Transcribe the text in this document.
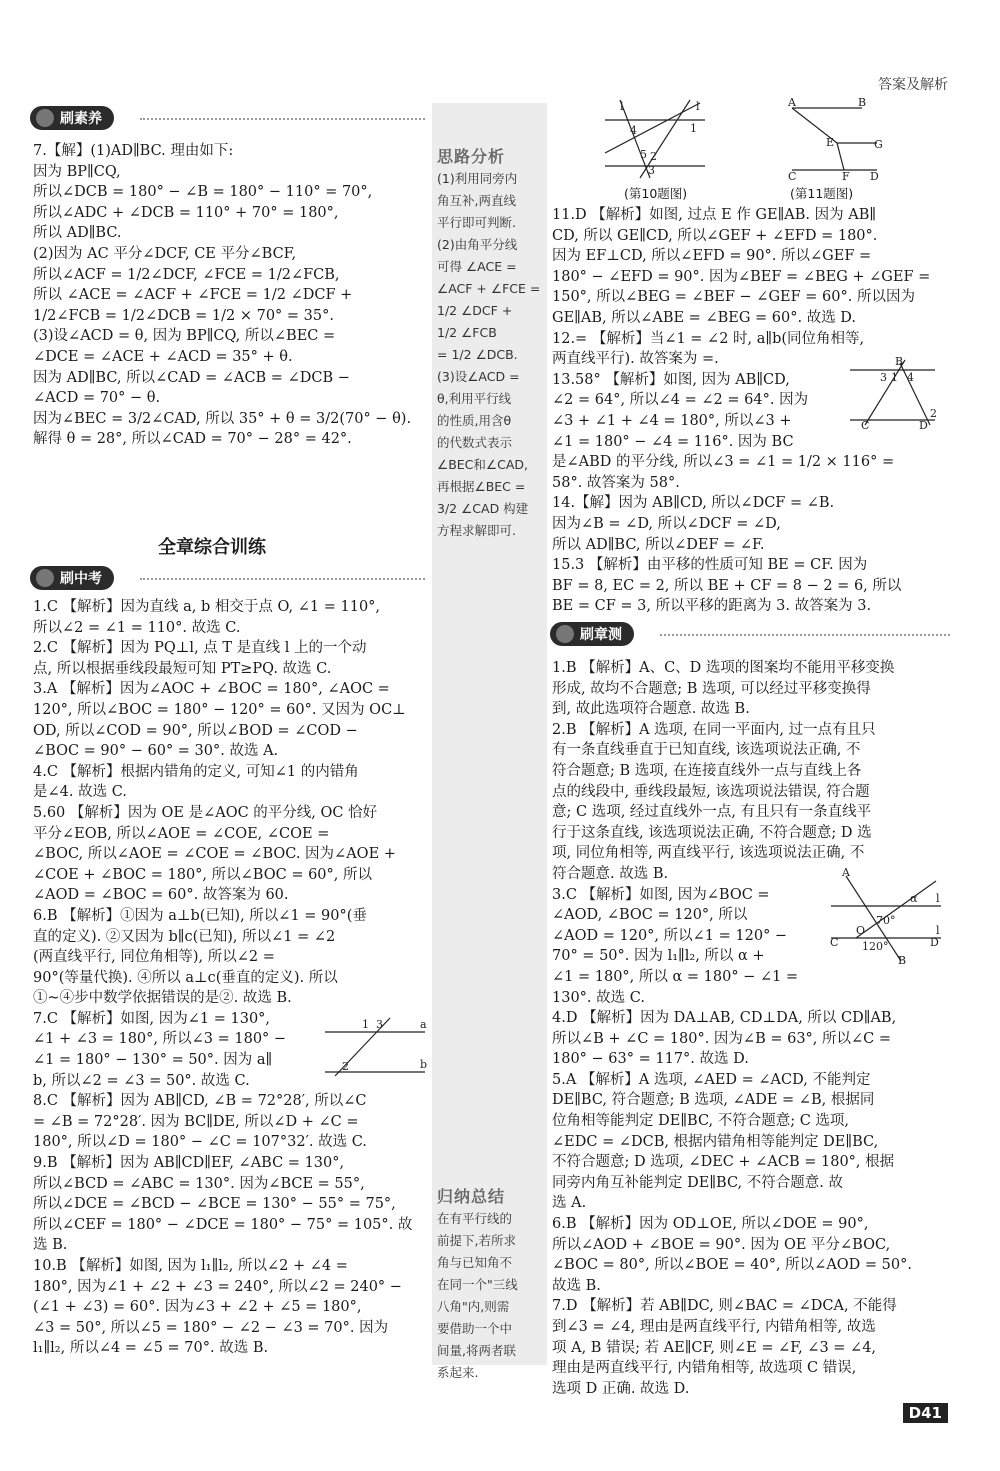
答案及解析
刷素养

7.【解】(1)AD∥BC. 理由如下:

因为 BP∥CQ,

所以∠DCB = 180° − ∠B = 180° − 110° = 70°,

所以∠ADC + ∠DCB = 110° + 70° = 180°,

所以 AD∥BC.

(2)因为 AC 平分∠DCF, CE 平分∠BCF,

所以∠ACF = 1/2∠DCF, ∠FCE = 1/2∠FCB,

所以 ∠ACE = ∠ACF + ∠FCE = 1/2 ∠DCF +

1/2∠FCB = 1/2∠DCB = 1/2 × 70° = 35°.

(3)设∠ACD = θ, 因为 BP∥CQ, 所以∠BEC =

∠DCE = ∠ACE + ∠ACD = 35° + θ.

因为 AD∥BC, 所以∠CAD = ∠ACB = ∠DCB −

∠ACD = 70° − θ.

因为∠BEC = 3/2∠CAD, 所以 35° + θ = 3/2(70° − θ).

解得 θ = 28°, 所以∠CAD = 70° − 28° = 42°.

全章综合训练
刷中考

1.C 【解析】因为直线 a, b 相交于点 O, ∠1 = 110°,

所以∠2 = ∠1 = 110°. 故选 C.

2.C 【解析】因为 PQ⊥l, 点 T 是直线 l 上的一个动

点, 所以根据垂线段最短可知 PT≥PQ. 故选 C.

3.A 【解析】因为∠AOC + ∠BOC = 180°, ∠AOC =

120°, 所以∠BOC = 180° − 120° = 60°. 又因为 OC⊥

OD, 所以∠COD = 90°, 所以∠BOD = ∠COD −

∠BOC = 90° − 60° = 30°. 故选 A.

4.C 【解析】根据内错角的定义, 可知∠1 的内错角

是∠4. 故选 C.

5.60 【解析】因为 OE 是∠AOC 的平分线, OC 恰好

平分∠EOB, 所以∠AOE = ∠COE, ∠COE =

∠BOC, 所以∠AOE = ∠COE = ∠BOC. 因为∠AOE +

∠COE + ∠BOC = 180°, 所以∠BOC = 60°, 所以

∠AOD = ∠BOC = 60°. 故答案为 60.

6.B 【解析】①因为 a⊥b(已知), 所以∠1 = 90°(垂

直的定义). ②又因为 b∥c(已知), 所以∠1 = ∠2

(两直线平行, 同位角相等), 所以∠2 =

90°(等量代换). ④所以 a⊥c(垂直的定义). 所以

①~④步中数学依据错误的是②. 故选 B.

7.C 【解析】如图, 因为∠1 = 130°,

∠1 + ∠3 = 180°, 所以∠3 = 180° −

∠1 = 180° − 130° = 50°. 因为 a∥

b, 所以∠2 = ∠3 = 50°. 故选 C.

8.C 【解析】因为 AB∥CD, ∠B = 72°28′, 所以∠C

= ∠B = 72°28′. 因为 BC∥DE, 所以∠D + ∠C =

180°, 所以∠D = 180° − ∠C = 107°32′. 故选 C.

9.B 【解析】因为 AB∥CD∥EF, ∠ABC = 130°,

所以∠BCD = ∠ABC = 130°. 因为∠BCE = 55°,

所以∠DCE = ∠BCD − ∠BCE = 130° − 55° = 75°,

所以∠CEF = 180° − ∠DCE = 180° − 75° = 105°. 故

选 B.

10.B 【解析】如图, 因为 l₁∥l₂, 所以∠2 + ∠4 =

180°, 因为∠1 + ∠2 + ∠3 = 240°, 所以∠2 = 240° −

(∠1 + ∠3) = 60°. 因为∠3 + ∠2 + ∠5 = 180°,

∠3 = 50°, 所以∠5 = 180° − ∠2 − ∠3 = 70°. 因为

l₁∥l₂, 所以∠4 = ∠5 = 70°. 故选 B.

1 3
2
a
b

思路分析

(1)利用同旁内

角互补,两直线

平行即可判断.

(2)由角平分线

可得 ∠ACE =

∠ACF + ∠FCE =

1/2 ∠DCF +

1/2 ∠FCB

= 1/2 ∠DCB.

(3)设∠ACD =

θ,利用平行线

的性质,用含θ

的代数式表示

∠BEC和∠CAD,

再根据∠BEC =

3/2 ∠CAD 构建

方程求解即可.

归纳总结

在有平行线的

前提下,若所求

角与已知角不

在同一个"三线

八角"内,则需

要借助一个中

间量,将两者联

系起来.

l	l
4
5 2
3
1
(第10题图)
A	B
E	G
C	F D
(第11题图)
B
3 1 4
C	D
2

11.D 【解析】如图, 过点 E 作 GE∥AB. 因为 AB∥

CD, 所以 GE∥CD, 所以∠GEF + ∠EFD = 180°.

因为 EF⊥CD, 所以∠EFD = 90°. 所以∠GEF =

180° − ∠EFD = 90°. 因为∠BEF = ∠BEG + ∠GEF =

150°, 所以∠BEG = ∠BEF − ∠GEF = 60°. 所以因为

GE∥AB, 所以∠ABE = ∠BEG = 60°. 故选 D.

12.= 【解析】当∠1 = ∠2 时, a∥b(同位角相等,

两直线平行). 故答案为 =.

13.58° 【解析】如图, 因为 AB∥CD,

∠2 = 64°, 所以∠4 = ∠2 = 64°. 因为

∠3 + ∠1 + ∠4 = 180°, 所以∠3 +

∠1 = 180° − ∠4 = 116°. 因为 BC

是∠ABD 的平分线, 所以∠3 = ∠1 = 1/2 × 116° =

58°. 故答案为 58°.

14.【解】因为 AB∥CD, 所以∠DCF = ∠B.

因为∠B = ∠D, 所以∠DCF = ∠D,

所以 AD∥BC, 所以∠DEF = ∠F.

15.3 【解析】由平移的性质可知 BE = CF. 因为

BF = 8, EC = 2, 所以 BE + CF = 8 − 2 = 6, 所以

BE = CF = 3, 所以平移的距离为 3. 故答案为 3.

刷章测

1.B 【解析】A、C、D 选项的图案均不能用平移变换

形成, 故均不合题意; B 选项, 可以经过平移变换得

到, 故此选项符合题意. 故选 B.

2.B 【解析】A 选项, 在同一平面内, 过一点有且只

有一条直线垂直于已知直线, 该选项说法正确, 不

符合题意; B 选项, 在连接直线外一点与直线上各

点的线段中, 垂线段最短, 该选项说法错误, 符合题

意; C 选项, 经过直线外一点, 有且只有一条直线平

行于这条直线, 该选项说法正确, 不符合题意; D 选

项, 同位角相等, 两直线平行, 该选项说法正确, 不

符合题意. 故选 B.

3.C 【解析】如图, 因为∠BOC =

∠AOD, ∠BOC = 120°, 所以

∠AOD = 120°, 所以∠1 = 120° −

70° = 50°. 因为 l₁∥l₂, 所以 α +

∠1 = 180°, 所以 α = 180° − ∠1 =

130°. 故选 C.

4.D 【解析】因为 DA⊥AB, CD⊥DA, 所以 CD∥AB,

所以∠B + ∠C = 180°. 因为∠B = 63°, 所以∠C =

180° − 63° = 117°. 故选 D.

5.A 【解析】A 选项, ∠AED = ∠ACD, 不能判定

DE∥BC, 符合题意; B 选项, ∠ADE = ∠B, 根据同

位角相等能判定 DE∥BC, 不符合题意; C 选项,

∠EDC = ∠DCB, 根据内错角相等能判定 DE∥BC,

不符合题意; D 选项, ∠DEC + ∠ACB = 180°, 根据

同旁内角互补能判定 DE∥BC, 不符合题意. 故

选 A.

6.B 【解析】因为 OD⊥OE, 所以∠DOE = 90°,

所以∠AOD + ∠BOE = 90°. 因为 OE 平分∠BOC,

∠BOC = 80°, 所以∠BOE = 40°, 所以∠AOD = 50°.

故选 B.

7.D 【解析】若 AB∥DC, 则∠BAC = ∠DCA, 不能得

到∠3 = ∠4, 理由是两直线平行, 内错角相等, 故选

项 A, B 错误; 若 AE∥CF, 则∠E = ∠F, ∠3 = ∠4,

理由是两直线平行, 内错角相等, 故选项 C 错误,

选项 D 正确. 故选 D.

A
70°
120°
O
α
C	D
B
l
l
D41
